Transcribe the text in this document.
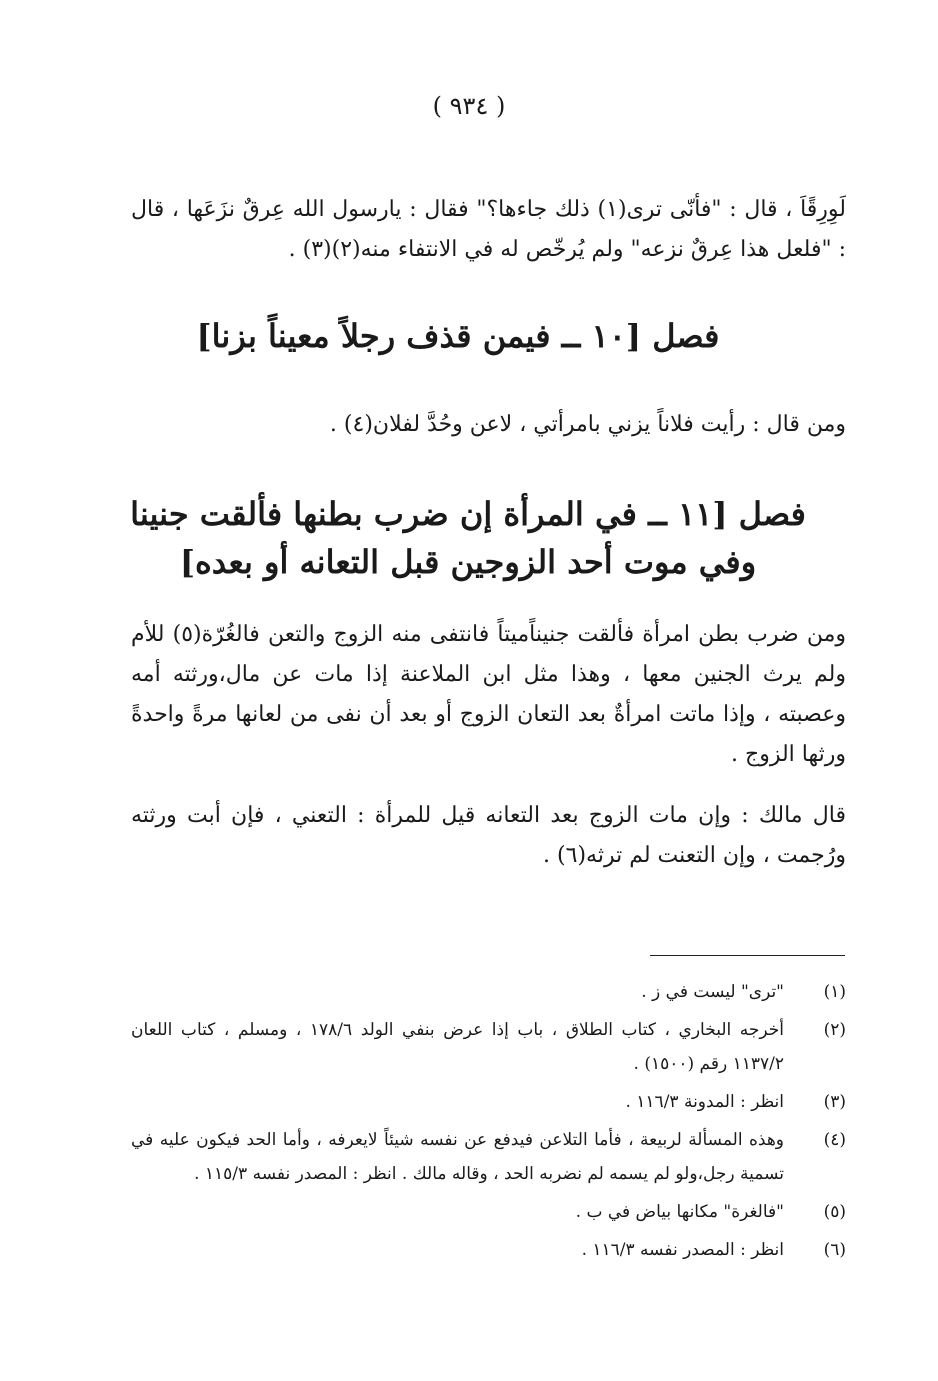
( ٩٣٤ )

لَوِرِقًاَ ، قال : "فأنّى ترى(١) ذلك جاءها؟" فقال : يارسول الله عِرقٌ نزَعَها ، قال : "فلعل هذا عِرقٌ نزعه" ولم يُرخّص له في الانتفاء منه(٢)(٣) .

فصل [١٠ ــ فيمن قذف رجلاً معيناً بزنا]

ومن قال : رأيت فلاناً يزني بامرأتي ، لاعن وحُدَّ لفلان(٤) .

فصل [١١ ــ في المرأة إن ضرب بطنها فألقت جنينا
وفي موت أحد الزوجين قبل التعانه أو بعده]

ومن ضرب بطن امرأة فألقت جنيناًميتاً فانتفى منه الزوج والتعن فالغُرّة(٥) للأم ولم يرث الجنين معها ، وهذا مثل ابن الملاعنة إذا مات عن مال،ورثته أمه وعصبته ، وإذا ماتت امرأةٌ بعد التعان الزوج أو بعد أن نفى من لعانها مرةً واحدةً ورثها الزوج .

قال مالك : وإن مات الزوج بعد التعانه قيل للمرأة : التعني ، فإن أبت ورثته ورُجمت ، وإن التعنت لم ترثه(٦) .

(١)
"ترى" ليست في ز .
(٢)
أخرجه البخاري ، كتاب الطلاق ، باب إذا عرض بنفي الولد ١٧٨/٦ ، ومسلم ، كتاب اللعان ١١٣٧/٢ رقم (١٥٠٠) .
(٣)
انظر : المدونة ١١٦/٣ .
(٤)
وهذه المسألة لربيعة ، فأما التلاعن فيدفع عن نفسه شيئاً لايعرفه ، وأما الحد فيكون عليه في تسمية رجل،ولو لم يسمه لم نضربه الحد ، وقاله مالك . انظر : المصدر نفسه ١١٥/٣ .
(٥)
"فالغرة" مكانها بياض في ب .
(٦)
انظر : المصدر نفسه ١١٦/٣ .
